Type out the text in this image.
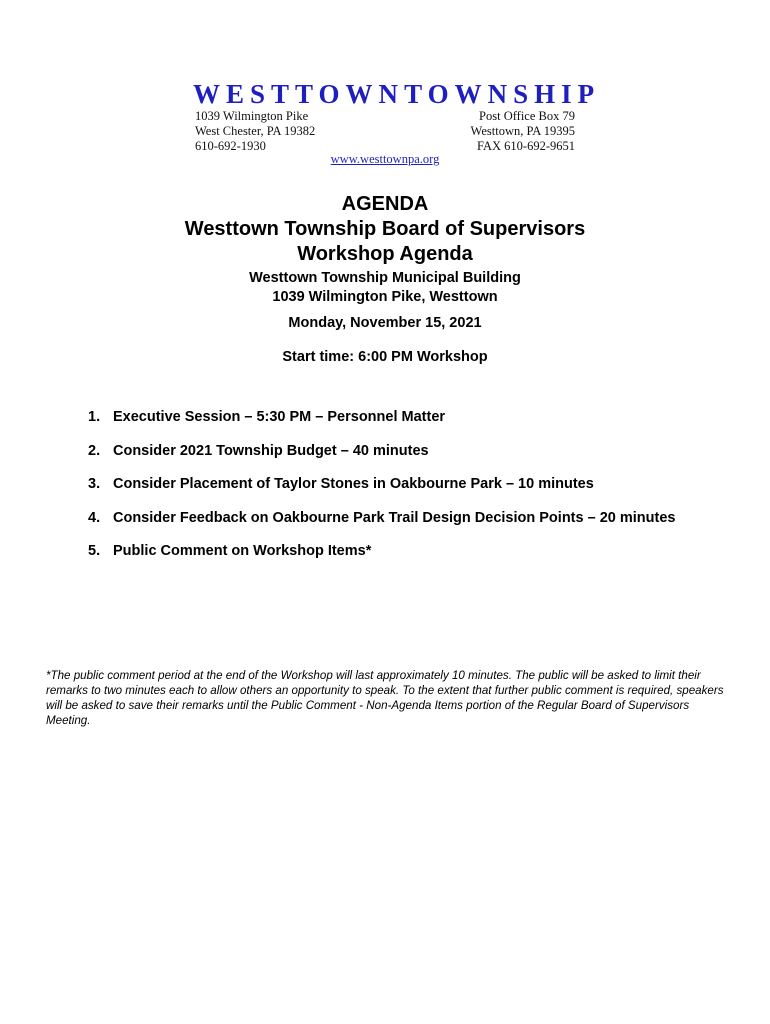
WESTTOWN TOWNSHIP
1039 Wilmington Pike
West Chester, PA 19382
610-692-1930
Post Office Box 79
Westtown, PA 19395
FAX 610-692-9651
www.westtownpa.org
AGENDA
Westtown Township Board of Supervisors
Workshop Agenda
Westtown Township Municipal Building
1039 Wilmington Pike, Westtown
Monday, November 15, 2021
Start time: 6:00 PM Workshop
1. Executive Session – 5:30 PM – Personnel Matter
2. Consider 2021 Township Budget – 40 minutes
3. Consider Placement of Taylor Stones in Oakbourne Park – 10 minutes
4. Consider Feedback on Oakbourne Park Trail Design Decision Points – 20 minutes
5. Public Comment on Workshop Items*
*The public comment period at the end of the Workshop will last approximately 10 minutes. The public will be asked to limit their remarks to two minutes each to allow others an opportunity to speak. To the extent that further public comment is required, speakers will be asked to save their remarks until the Public Comment - Non-Agenda Items portion of the Regular Board of Supervisors Meeting.
